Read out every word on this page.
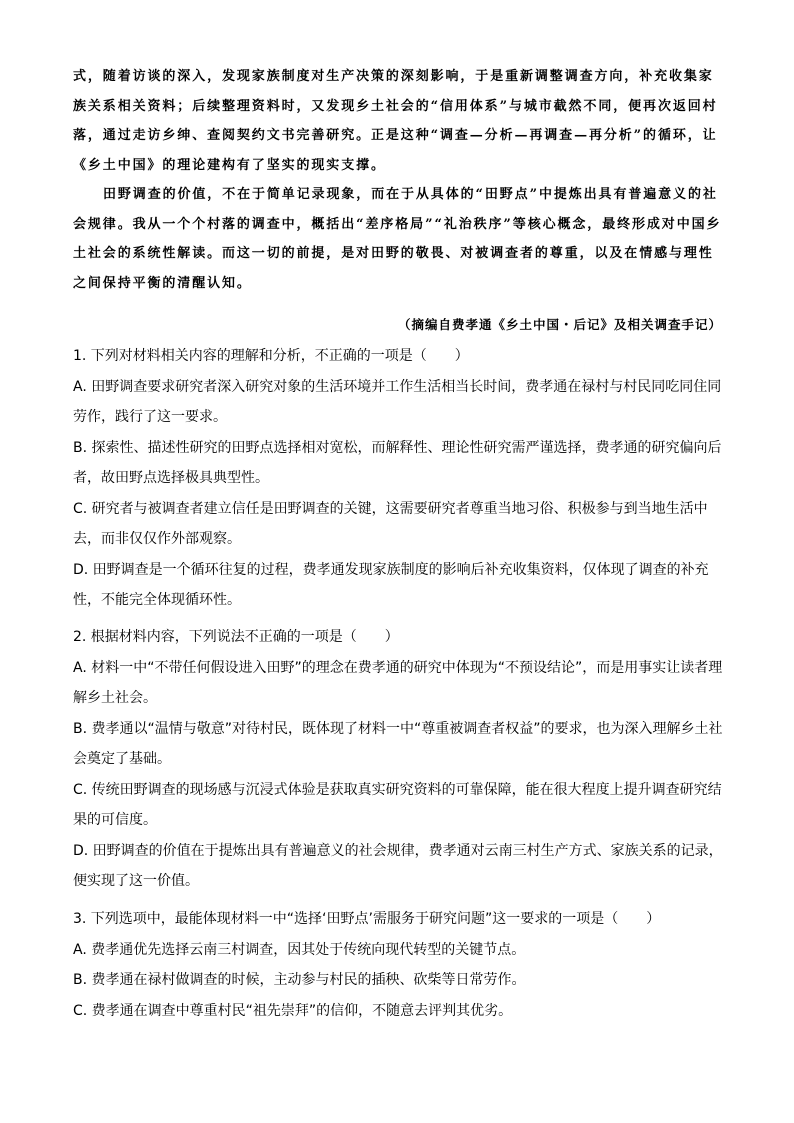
式，随着访谈的深入，发现家族制度对生产决策的深刻影响，于是重新调整调查方向，补充收集家族关系相关资料；后续整理资料时，又发现乡土社会的“信用体系”与城市截然不同，便再次返回村落，通过走访乡绅、查阅契约文书完善研究。正是这种“调查—分析—再调查—再分析”的循环，让《乡土中国》的理论建构有了坚实的现实支撑。

田野调查的价值，不在于简单记录现象，而在于从具体的“田野点”中提炼出具有普遍意义的社会规律。我从一个个村落的调查中，概括出“差序格局”“礼治秩序”等核心概念，最终形成对中国乡土社会的系统性解读。而这一切的前提，是对田野的敬畏、对被调查者的尊重，以及在情感与理性之间保持平衡的清醒认知。

（摘编自费孝通《乡土中国・后记》及相关调查手记）

1. 下列对材料相关内容的理解和分析，不正确的一项是（　　）

A. 田野调查要求研究者深入研究对象的生活环境并工作生活相当长时间，费孝通在禄村与村民同吃同住同劳作，践行了这一要求。

B. 探索性、描述性研究的田野点选择相对宽松，而解释性、理论性研究需严谨选择，费孝通的研究偏向后者，故田野点选择极具典型性。

C. 研究者与被调查者建立信任是田野调查的关键，这需要研究者尊重当地习俗、积极参与到当地生活中去，而非仅仅作外部观察。

D. 田野调查是一个循环往复的过程，费孝通发现家族制度的影响后补充收集资料，仅体现了调查的补充性，不能完全体现循环性。

2. 根据材料内容，下列说法不正确的一项是（　　）

A. 材料一中“不带任何假设进入田野”的理念在费孝通的研究中体现为“不预设结论”，而是用事实让读者理解乡土社会。

B. 费孝通以“温情与敬意”对待村民，既体现了材料一中“尊重被调查者权益”的要求，也为深入理解乡土社会奠定了基础。

C. 传统田野调查的现场感与沉浸式体验是获取真实研究资料的可靠保障，能在很大程度上提升调查研究结果的可信度。

D. 田野调查的价值在于提炼出具有普遍意义的社会规律，费孝通对云南三村生产方式、家族关系的记录，便实现了这一价值。

3. 下列选项中，最能体现材料一中“选择‘田野点’需服务于研究问题”这一要求的一项是（　　）

A. 费孝通优先选择云南三村调查，因其处于传统向现代转型的关键节点。

B. 费孝通在禄村做调查的时候，主动参与村民的插秧、砍柴等日常劳作。

C. 费孝通在调查中尊重村民“祖先崇拜”的信仰，不随意去评判其优劣。
